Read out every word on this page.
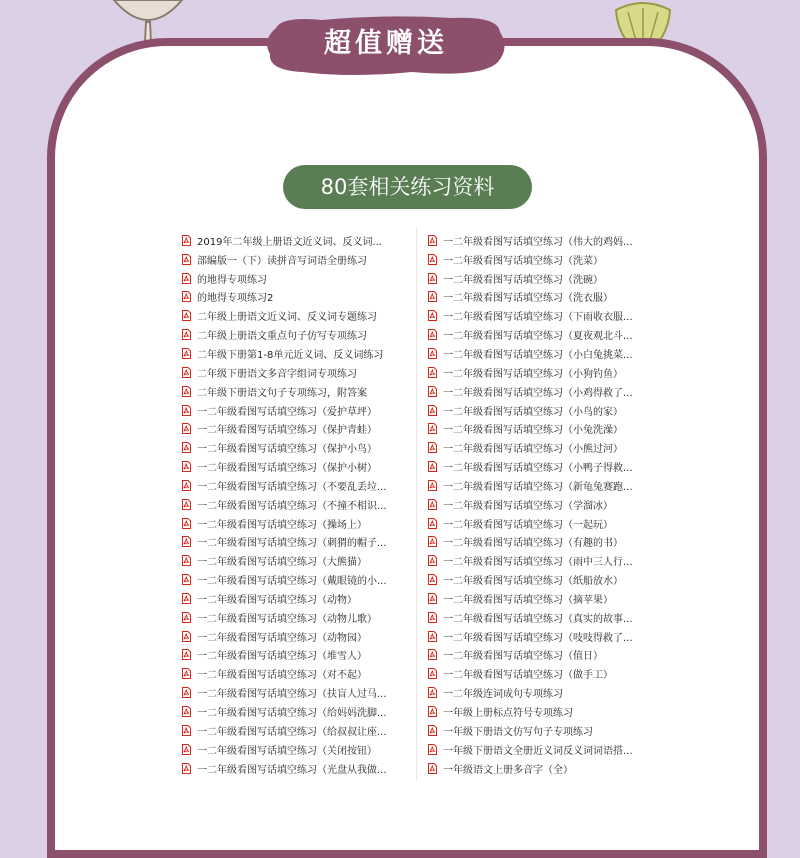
超值赠送
80套相关练习资料
2019年二年级上册语文近义词、反义词...
部编版一（下）读拼音写词语全册练习
的地得专项练习
的地得专项练习2
二年级上册语文近义词、反义词专题练习
二年级上册语文重点句子仿写专项练习
二年级下册第1-8单元近义词、反义词练习
二年级下册语文多音字组词专项练习
二年级下册语文句子专项练习，附答案
一二年级看图写话填空练习（爱护草坪）
一二年级看图写话填空练习（保护青蛙）
一二年级看图写话填空练习（保护小鸟）
一二年级看图写话填空练习（保护小树）
一二年级看图写话填空练习（不要乱丢垃...
一二年级看图写话填空练习（不撞不相识...
一二年级看图写话填空练习（操场上）
一二年级看图写话填空练习（刺猬的帽子...
一二年级看图写话填空练习（大熊猫）
一二年级看图写话填空练习（戴眼镜的小...
一二年级看图写话填空练习（动物）
一二年级看图写话填空练习（动物儿歌）
一二年级看图写话填空练习（动物园）
一二年级看图写话填空练习（堆雪人）
一二年级看图写话填空练习（对不起）
一二年级看图写话填空练习（扶盲人过马...
一二年级看图写话填空练习（给妈妈洗脚...
一二年级看图写话填空练习（给叔叔让座...
一二年级看图写话填空练习（关闭按钮）
一二年级看图写话填空练习（光盘从我做...
一二年级看图写话填空练习（伟大的鸡妈...
一二年级看图写话填空练习（洗菜）
一二年级看图写话填空练习（洗碗）
一二年级看图写话填空练习（洗衣服）
一二年级看图写话填空练习（下雨收衣服...
一二年级看图写话填空练习（夏夜观北斗...
一二年级看图写话填空练习（小白兔挑菜...
一二年级看图写话填空练习（小狗钓鱼）
一二年级看图写话填空练习（小鸡得救了...
一二年级看图写话填空练习（小鸟的家）
一二年级看图写话填空练习（小兔洗澡）
一二年级看图写话填空练习（小熊过河）
一二年级看图写话填空练习（小鸭子得救...
一二年级看图写话填空练习（新龟兔赛跑...
一二年级看图写话填空练习（学溜冰）
一二年级看图写话填空练习（一起玩）
一二年级看图写话填空练习（有趣的书）
一二年级看图写话填空练习（雨中三人行...
一二年级看图写话填空练习（纸船放水）
一二年级看图写话填空练习（摘苹果）
一二年级看图写话填空练习（真实的故事...
一二年级看图写话填空练习（吱吱得救了...
一二年级看图写话填空练习（值日）
一二年级看图写话填空练习（做手工）
一二年级连词成句专项练习
一年级上册标点符号专项练习
一年级下册语文仿写句子专项练习
一年级下册语文全册近义词反义词词语搭...
一年级语文上册多音字（全）
